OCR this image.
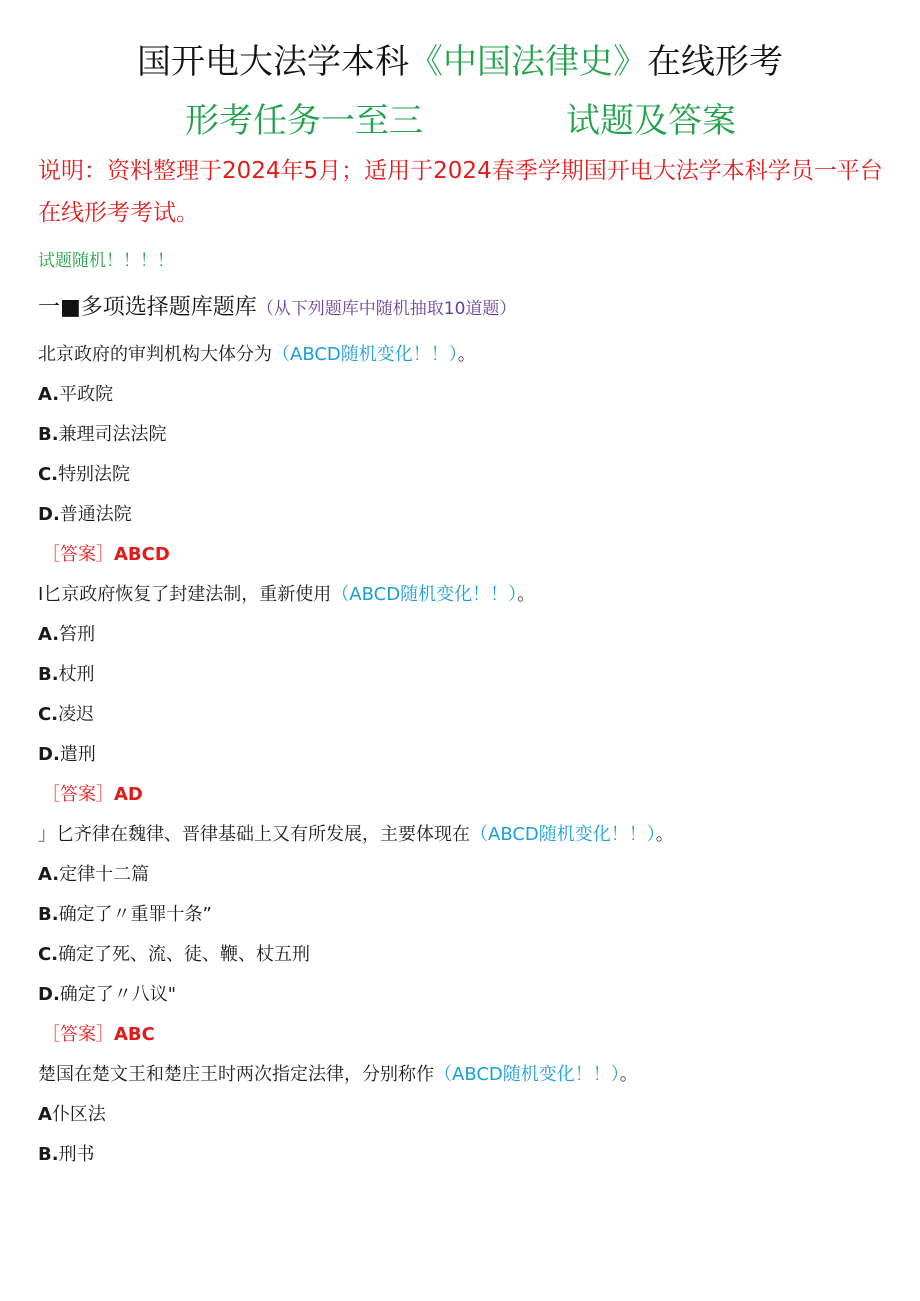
国开电大法学本科《中国法律史》在线形考
形考任务一至三	试题及答案
说明：资料整理于2024年5月；适用于2024春季学期国开电大法学本科学员一平台在线形考考试。
试题随机！！！！
一■多项选择题库题库（从下列题库中随机抽取10道题）
北京政府的审判机构大体分为（ABCD随机变化！！）。
A.平政院
B.兼理司法法院
C.特别法院
D.普通法院
［答案］ABCD
I匕京政府恢复了封建法制，重新使用（ABCD随机变化！！）。
A.笞刑
B.杖刑
C.凌迟
D.遣刑
［答案］AD
」匕齐律在魏律、晋律基础上又有所发展，主要体现在（ABCD随机变化！！）。
A.定律十二篇
B.确定了〃重罪十条”
C.确定了死、流、徒、鞭、杖五刑
D.确定了〃八议"
［答案］ABC
楚国在楚文王和楚庄王时两次指定法律，分别称作（ABCD随机变化！！）。
A仆区法
B.刑书
